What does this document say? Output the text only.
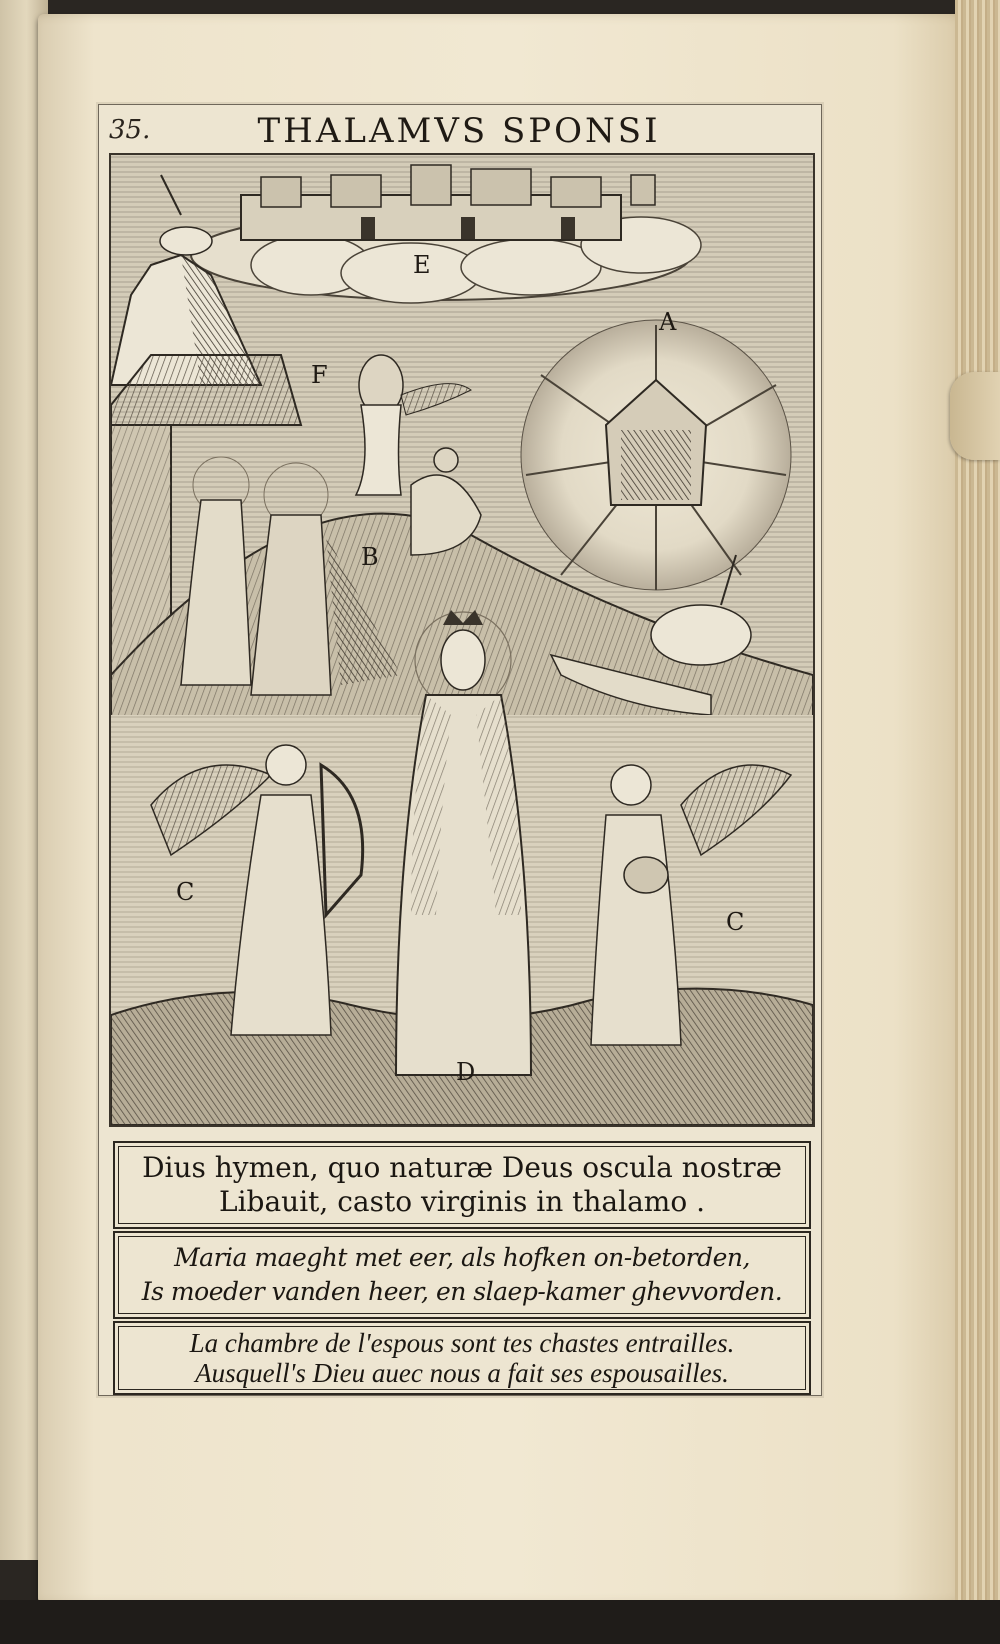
35.	THALAMVS SPONSI
A
B
C
C
D
E
F
Dius hymen, quo naturæ Deus oscula nostræ
Libauit, casto virginis in thalamo .
Maria maeght met eer, als hofken on-betorden,
Is moeder vanden heer, en slaep-kamer ghevvorden.
La chambre de l'espous sont tes chastes entrailles.
Ausquell's Dieu auec nous a fait ses espousailles.
